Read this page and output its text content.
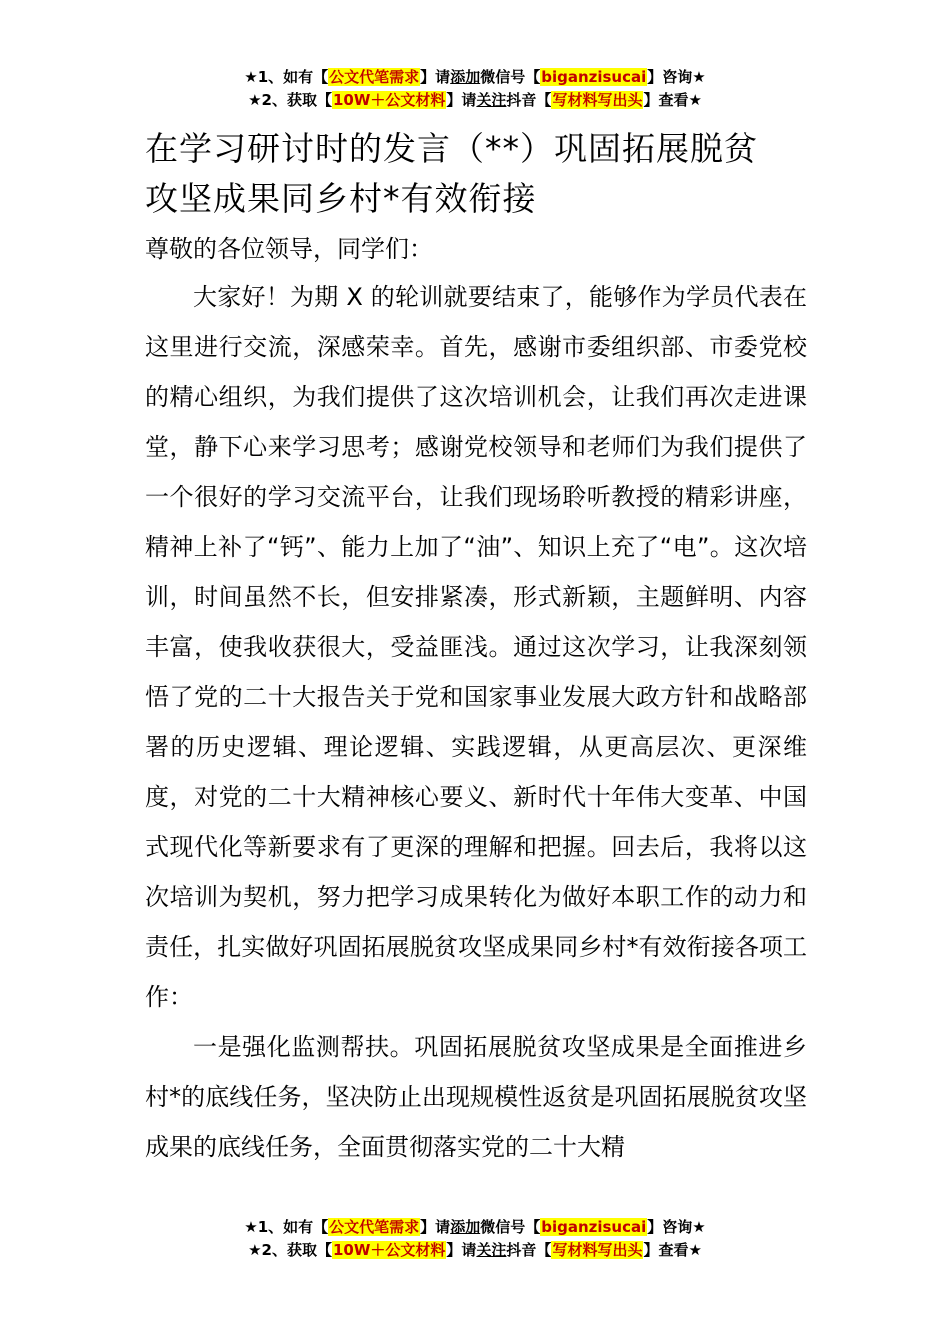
★1、如有【公文代笔需求】请添加微信号【biganzisucai】咨询★
★2、获取【10W＋公文材料】请关注抖音【写材料写出头】查看★
在学习研讨时的发言（**）巩固拓展脱贫
攻坚成果同乡村*有效衔接
尊敬的各位领导，同学们：

大家好！为期 X 的轮训就要结束了，能够作为学员代表在这里进行交流，深感荣幸。首先，感谢市委组织部、市委党校的精心组织，为我们提供了这次培训机会，让我们再次走进课堂，静下心来学习思考；感谢党校领导和老师们为我们提供了一个很好的学习交流平台，让我们现场聆听教授的精彩讲座，精神上补了“钙”、能力上加了“油”、知识上充了“电”。这次培训，时间虽然不长，但安排紧凑，形式新颖，主题鲜明、内容丰富，使我收获很大，受益匪浅。通过这次学习，让我深刻领悟了党的二十大报告关于党和国家事业发展大政方针和战略部署的历史逻辑、理论逻辑、实践逻辑，从更高层次、更深维度，对党的二十大精神核心要义、新时代十年伟大变革、中国式现代化等新要求有了更深的理解和把握。回去后，我将以这次培训为契机，努力把学习成果转化为做好本职工作的动力和责任，扎实做好巩固拓展脱贫攻坚成果同乡村*有效衔接各项工作：

一是强化监测帮扶。巩固拓展脱贫攻坚成果是全面推进乡村*的底线任务，坚决防止出现规模性返贫是巩固拓展脱贫攻坚成果的底线任务，全面贯彻落实党的二十大精

★1、如有【公文代笔需求】请添加微信号【biganzisucai】咨询★
★2、获取【10W＋公文材料】请关注抖音【写材料写出头】查看★
